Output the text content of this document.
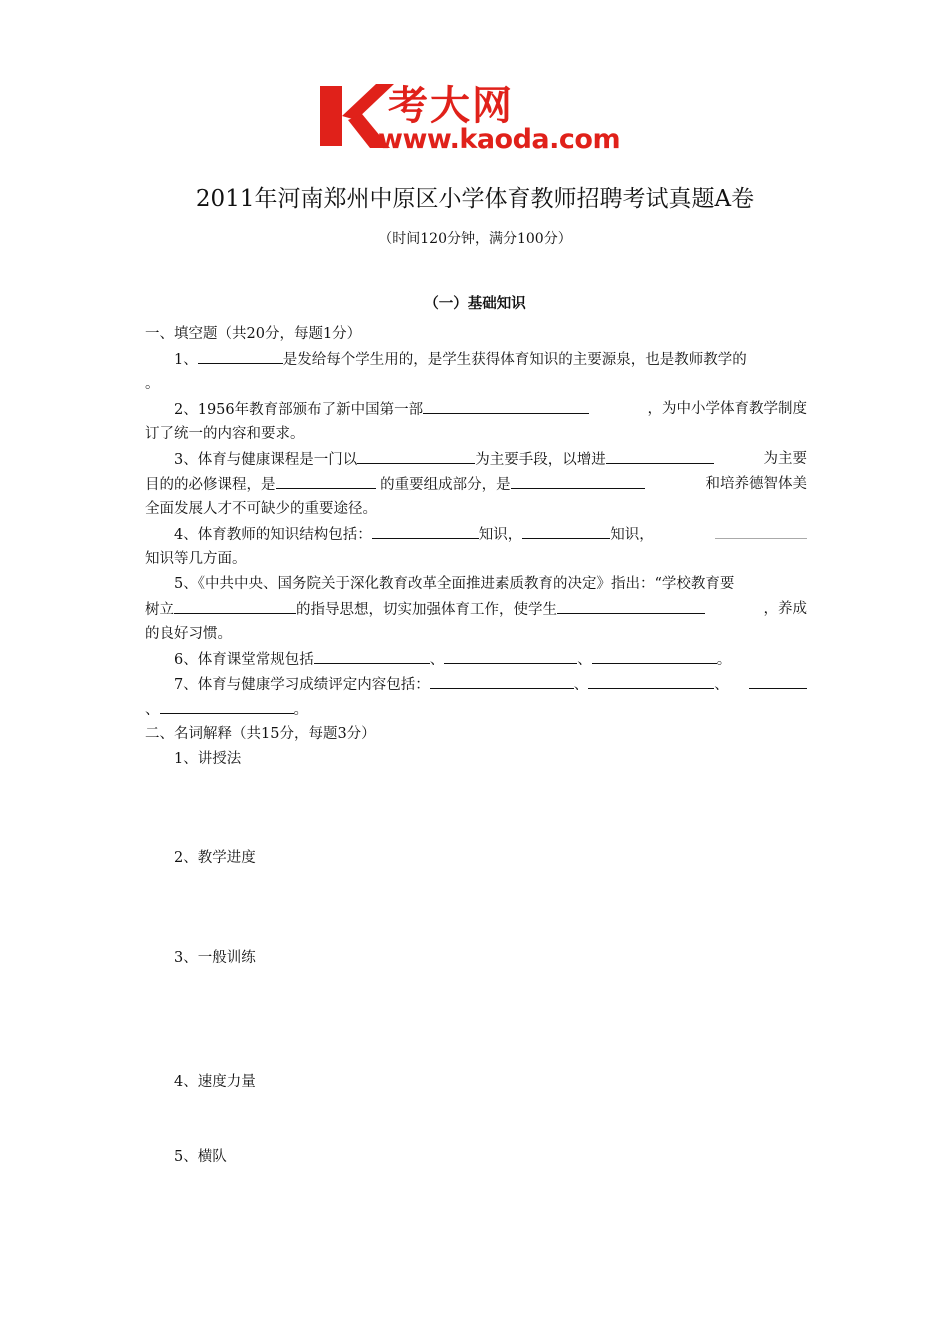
考大网
www.kaoda.com
2011年河南郑州中原区小学体育教师招聘考试真题A卷
（时间120分钟，满分100分）
（一）基础知识
一、填空题（共20分，每题1分）
1、	是发给每个学生用的，是学生获得体育知识的主要源泉，也是教师教学的
。
2、1956年教育部颁布了新中国第一部	，为中小学体育教学制度
订了统一的内容和要求。
3、体育与健康课程是一门以	为主要手段，以增进	为主要
目的的必修课程，是	的重要组成部分，是	和培养德智体美
全面发展人才不可缺少的重要途径。
4、体育教师的知识结构包括：	知识，	知识，
知识等几方面。
5、《中共中央、国务院关于深化教育改革全面推进素质教育的决定》指出：“学校教育要
树立	的指导思想，切实加强体育工作，使学生	，养成
的良好习惯。
6、体育课堂常规包括	、	、	。
7、体育与健康学习成绩评定内容包括：	、	、
、	。
二、名词解释（共15分，每题3分）
1、讲授法
2、教学进度
3、一般训练
4、速度力量
5、横队
